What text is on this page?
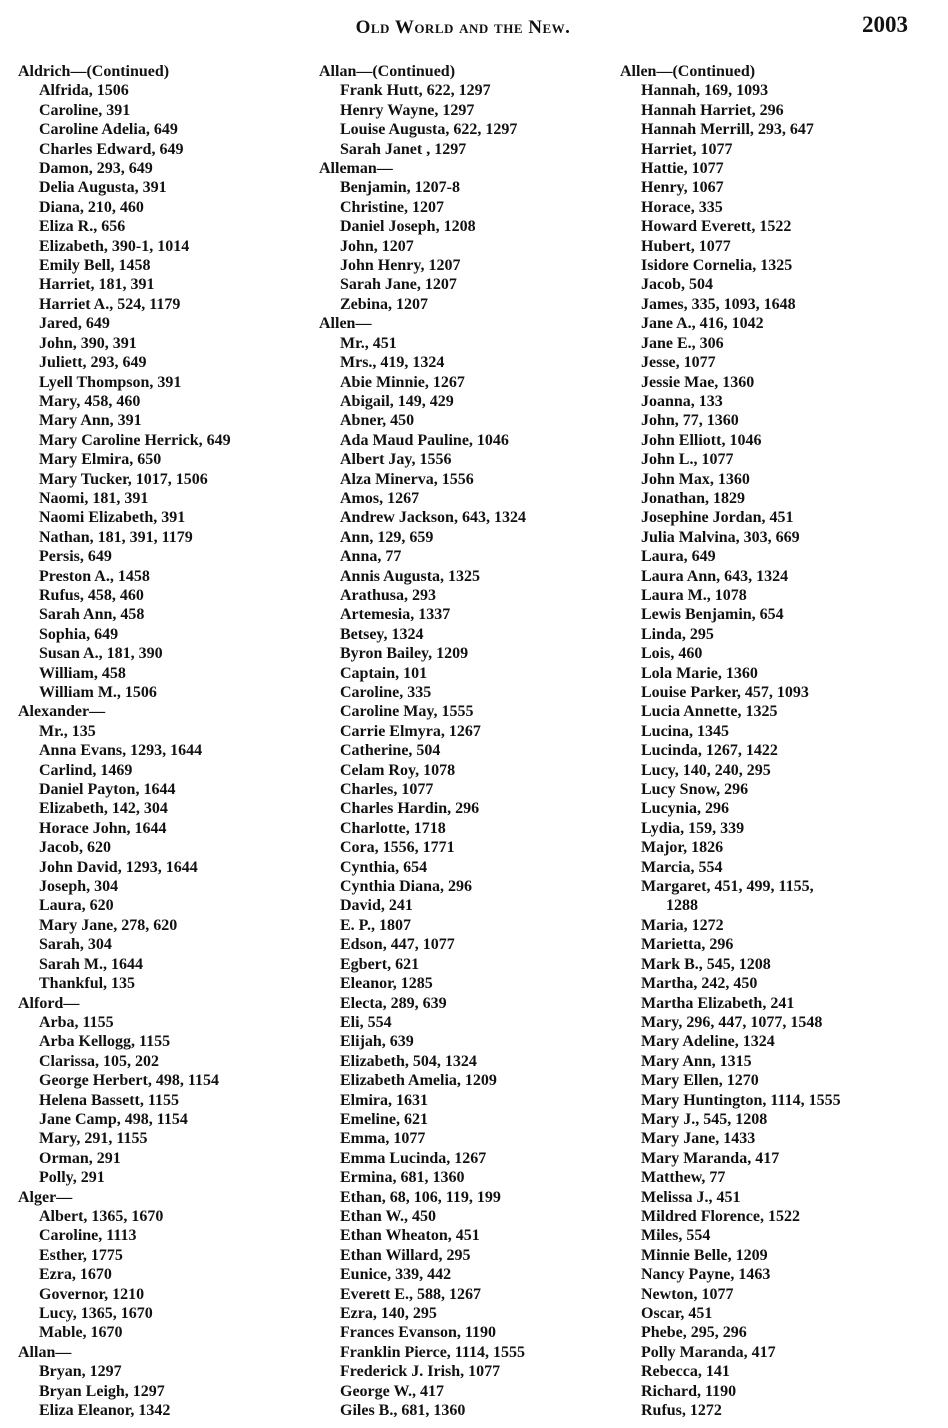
Old World and the New.	2003
Aldrich—(Continued)
Alfrida, 1506
Caroline, 391
Caroline Adelia, 649
Charles Edward, 649
Damon, 293, 649
Delia Augusta, 391
Diana, 210, 460
Eliza R., 656
Elizabeth, 390-1, 1014
Emily Bell, 1458
Harriet, 181, 391
Harriet A., 524, 1179
Jared, 649
John, 390, 391
Juliett, 293, 649
Lyell Thompson, 391
Mary, 458, 460
Mary Ann, 391
Mary Caroline Herrick, 649
Mary Elmira, 650
Mary Tucker, 1017, 1506
Naomi, 181, 391
Naomi Elizabeth, 391
Nathan, 181, 391, 1179
Persis, 649
Preston A., 1458
Rufus, 458, 460
Sarah Ann, 458
Sophia, 649
Susan A., 181, 390
William, 458
William M., 1506
Alexander—
Mr., 135
Anna Evans, 1293, 1644
Carlind, 1469
Daniel Payton, 1644
Elizabeth, 142, 304
Horace John, 1644
Jacob, 620
John David, 1293, 1644
Joseph, 304
Laura, 620
Mary Jane, 278, 620
Sarah, 304
Sarah M., 1644
Thankful, 135
Alford—
Arba, 1155
Arba Kellogg, 1155
Clarissa, 105, 202
George Herbert, 498, 1154
Helena Bassett, 1155
Jane Camp, 498, 1154
Mary, 291, 1155
Orman, 291
Polly, 291
Alger—
Albert, 1365, 1670
Caroline, 1113
Esther, 1775
Ezra, 1670
Governor, 1210
Lucy, 1365, 1670
Mable, 1670
Allan—
Bryan, 1297
Bryan Leigh, 1297
Eliza Eleanor, 1342
Allan—(Continued)
Frank Hutt, 622, 1297
Henry Wayne, 1297
Louise Augusta, 622, 1297
Sarah Janet , 1297
Alleman—
Benjamin, 1207-8
Christine, 1207
Daniel Joseph, 1208
John, 1207
John Henry, 1207
Sarah Jane, 1207
Zebina, 1207
Allen—
Mr., 451
Mrs., 419, 1324
Abie Minnie, 1267
Abigail, 149, 429
Abner, 450
Ada Maud Pauline, 1046
Albert Jay, 1556
Alza Minerva, 1556
Amos, 1267
Andrew Jackson, 643, 1324
Ann, 129, 659
Anna, 77
Annis Augusta, 1325
Arathusa, 293
Artemesia, 1337
Betsey, 1324
Byron Bailey, 1209
Captain, 101
Caroline, 335
Caroline May, 1555
Carrie Elmyra, 1267
Catherine, 504
Celam Roy, 1078
Charles, 1077
Charles Hardin, 296
Charlotte, 1718
Cora, 1556, 1771
Cynthia, 654
Cynthia Diana, 296
David, 241
E. P., 1807
Edson, 447, 1077
Egbert, 621
Eleanor, 1285
Electa, 289, 639
Eli, 554
Elijah, 639
Elizabeth, 504, 1324
Elizabeth Amelia, 1209
Elmira, 1631
Emeline, 621
Emma, 1077
Emma Lucinda, 1267
Ermina, 681, 1360
Ethan, 68, 106, 119, 199
Ethan W., 450
Ethan Wheaton, 451
Ethan Willard, 295
Eunice, 339, 442
Everett E., 588, 1267
Ezra, 140, 295
Frances Evanson, 1190
Franklin Pierce, 1114, 1555
Frederick J. Irish, 1077
George W., 417
Giles B., 681, 1360
Allen—(Continued)
Hannah, 169, 1093
Hannah Harriet, 296
Hannah Merrill, 293, 647
Harriet, 1077
Hattie, 1077
Henry, 1067
Horace, 335
Howard Everett, 1522
Hubert, 1077
Isidore Cornelia, 1325
Jacob, 504
James, 335, 1093, 1648
Jane A., 416, 1042
Jane E., 306
Jesse, 1077
Jessie Mae, 1360
Joanna, 133
John, 77, 1360
John Elliott, 1046
John L., 1077
John Max, 1360
Jonathan, 1829
Josephine Jordan, 451
Julia Malvina, 303, 669
Laura, 649
Laura Ann, 643, 1324
Laura M., 1078
Lewis Benjamin, 654
Linda, 295
Lois, 460
Lola Marie, 1360
Louise Parker, 457, 1093
Lucia Annette, 1325
Lucina, 1345
Lucinda, 1267, 1422
Lucy, 140, 240, 295
Lucy Snow, 296
Lucynia, 296
Lydia, 159, 339
Major, 1826
Marcia, 554
Margaret, 451, 499, 1155,
1288
Maria, 1272
Marietta, 296
Mark B., 545, 1208
Martha, 242, 450
Martha Elizabeth, 241
Mary, 296, 447, 1077, 1548
Mary Adeline, 1324
Mary Ann, 1315
Mary Ellen, 1270
Mary Huntington, 1114, 1555
Mary J., 545, 1208
Mary Jane, 1433
Mary Maranda, 417
Matthew, 77
Melissa J., 451
Mildred Florence, 1522
Miles, 554
Minnie Belle, 1209
Nancy Payne, 1463
Newton, 1077
Oscar, 451
Phebe, 295, 296
Polly Maranda, 417
Rebecca, 141
Richard, 1190
Rufus, 1272
